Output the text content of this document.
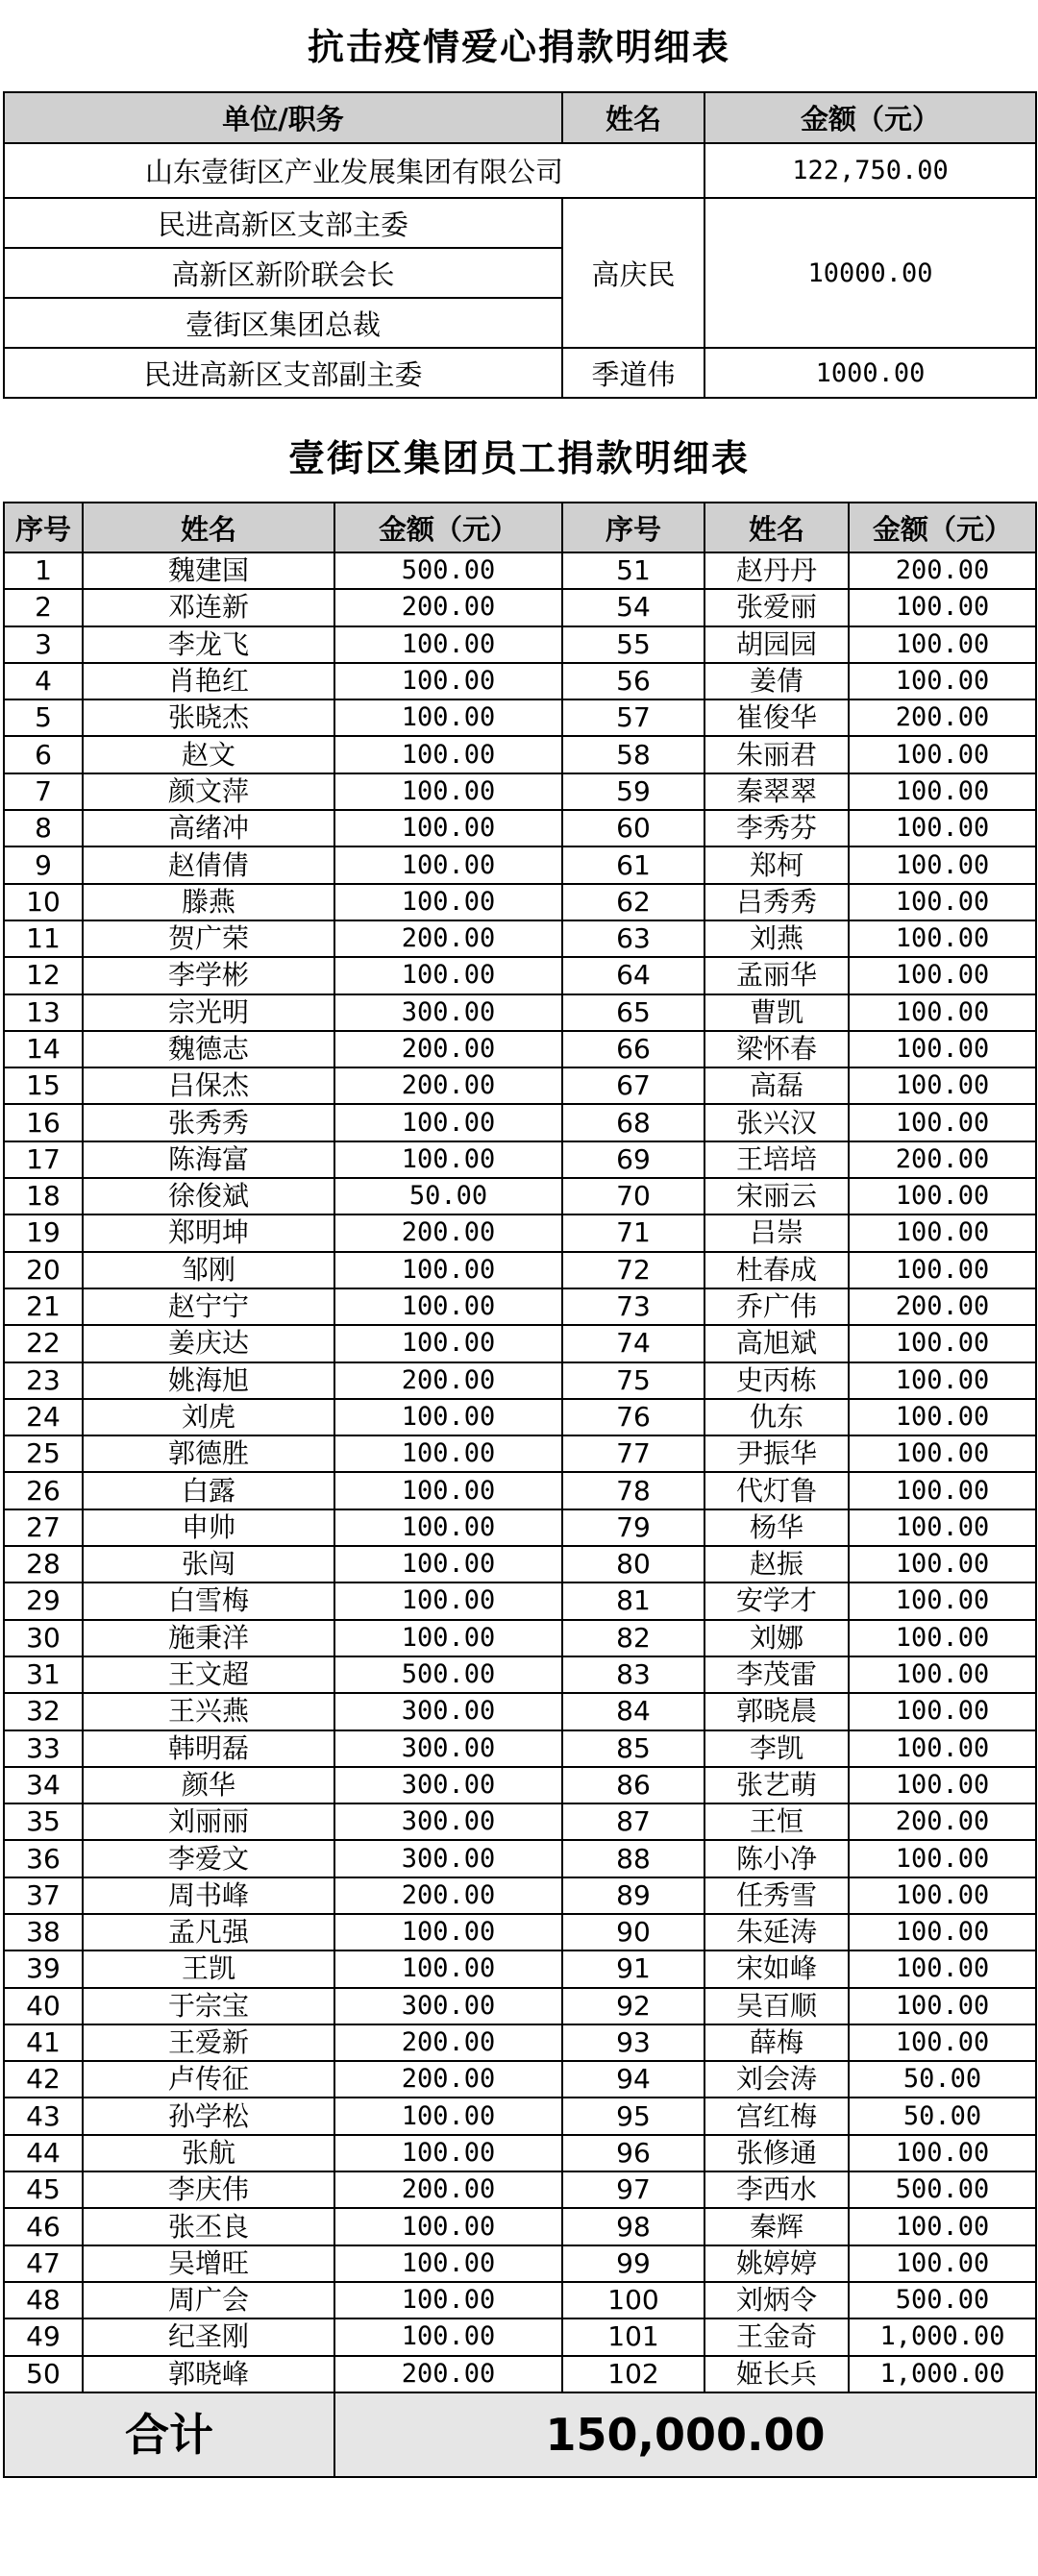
抗击疫情爱心捐款明细表
单位/职务	姓名	金额（元）
山东壹街区产业发展集团有限公司		122,750.00
民进高新区支部主委	高庆民	10000.00
高新区新阶联会长		
壹街区集团总裁		
民进高新区支部副主委	季道伟	1000.00
壹街区集团员工捐款明细表
序号	姓名	金额（元）	序号	姓名	金额（元）
1	魏建国	500.00	51	赵丹丹	200.00
2	邓连新	200.00	54	张爱丽	100.00
3	李龙飞	100.00	55	胡园园	100.00
4	肖艳红	100.00	56	姜倩	100.00
5	张晓杰	100.00	57	崔俊华	200.00
6	赵文	100.00	58	朱丽君	100.00
7	颜文萍	100.00	59	秦翠翠	100.00
8	高绪冲	100.00	60	李秀芬	100.00
9	赵倩倩	100.00	61	郑柯	100.00
10	滕燕	100.00	62	吕秀秀	100.00
11	贺广荣	200.00	63	刘燕	100.00
12	李学彬	100.00	64	孟丽华	100.00
13	宗光明	300.00	65	曹凯	100.00
14	魏德志	200.00	66	梁怀春	100.00
15	吕保杰	200.00	67	高磊	100.00
16	张秀秀	100.00	68	张兴汉	100.00
17	陈海富	100.00	69	王培培	200.00
18	徐俊斌	50.00	70	宋丽云	100.00
19	郑明坤	200.00	71	吕崇	100.00
20	邹刚	100.00	72	杜春成	100.00
21	赵宁宁	100.00	73	乔广伟	200.00
22	姜庆达	100.00	74	高旭斌	100.00
23	姚海旭	200.00	75	史丙栋	100.00
24	刘虎	100.00	76	仇东	100.00
25	郭德胜	100.00	77	尹振华	100.00
26	白露	100.00	78	代灯鲁	100.00
27	申帅	100.00	79	杨华	100.00
28	张闯	100.00	80	赵振	100.00
29	白雪梅	100.00	81	安学才	100.00
30	施秉洋	100.00	82	刘娜	100.00
31	王文超	500.00	83	李茂雷	100.00
32	王兴燕	300.00	84	郭晓晨	100.00
33	韩明磊	300.00	85	李凯	100.00
34	颜华	300.00	86	张艺萌	100.00
35	刘丽丽	300.00	87	王恒	200.00
36	李爱文	300.00	88	陈小净	100.00
37	周书峰	200.00	89	任秀雪	100.00
38	孟凡强	100.00	90	朱延涛	100.00
39	王凯	100.00	91	宋如峰	100.00
40	于宗宝	300.00	92	吴百顺	100.00
41	王爱新	200.00	93	薛梅	100.00
42	卢传征	200.00	94	刘会涛	50.00
43	孙学松	100.00	95	宫红梅	50.00
44	张航	100.00	96	张修通	100.00
45	李庆伟	200.00	97	李西水	500.00
46	张丕良	100.00	98	秦辉	100.00
47	吴增旺	100.00	99	姚婷婷	100.00
48	周广会	100.00	100	刘炳令	500.00
49	纪圣刚	100.00	101	王金奇	1,000.00
50	郭晓峰	200.00	102	姬长兵	1,000.00
合计		150,000.00			
